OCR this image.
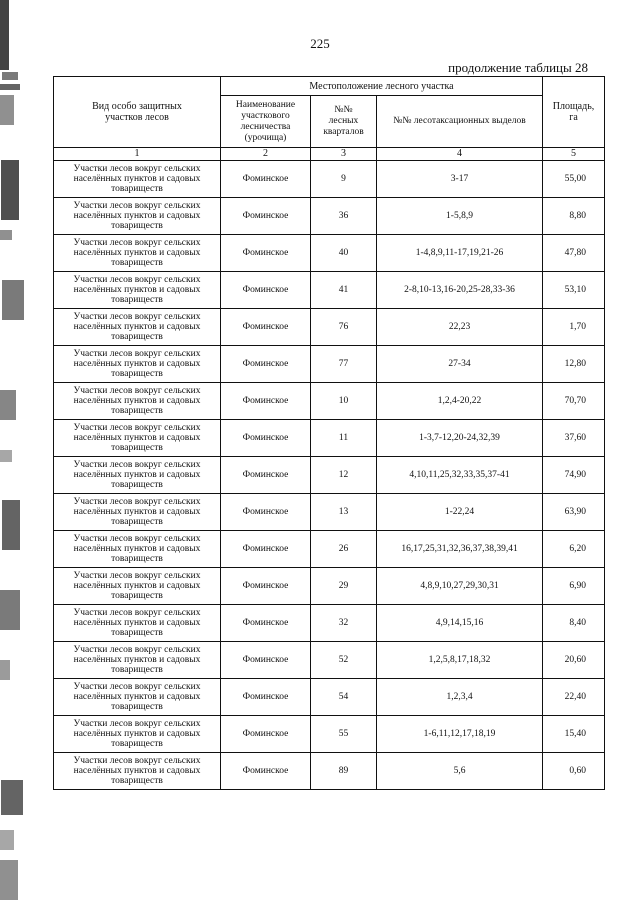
225
продолжение таблицы 28
Вид особо защитных участков лесов	Местоположение лесного участка			Площадь, га
	Наименование участкового лесничества (урочища)	№№ лесных кварталов	№№ лесотаксационных выделов	
1	2	3	4	5
Участки лесов вокруг сельских населённых пунктов и садовых товариществ	Фоминское	9	3-17	55,00
Участки лесов вокруг сельских населённых пунктов и садовых товариществ	Фоминское	36	1-5,8,9	8,80
Участки лесов вокруг сельских населённых пунктов и садовых товариществ	Фоминское	40	1-4,8,9,11-17,19,21-26	47,80
Участки лесов вокруг сельских населённых пунктов и садовых товариществ	Фоминское	41	2-8,10-13,16-20,25-28,33-36	53,10
Участки лесов вокруг сельских населённых пунктов и садовых товариществ	Фоминское	76	22,23	1,70
Участки лесов вокруг сельских населённых пунктов и садовых товариществ	Фоминское	77	27-34	12,80
Участки лесов вокруг сельских населённых пунктов и садовых товариществ	Фоминское	10	1,2,4-20,22	70,70
Участки лесов вокруг сельских населённых пунктов и садовых товариществ	Фоминское	11	1-3,7-12,20-24,32,39	37,60
Участки лесов вокруг сельских населённых пунктов и садовых товариществ	Фоминское	12	4,10,11,25,32,33,35,37-41	74,90
Участки лесов вокруг сельских населённых пунктов и садовых товариществ	Фоминское	13	1-22,24	63,90
Участки лесов вокруг сельских населённых пунктов и садовых товариществ	Фоминское	26	16,17,25,31,32,36,37,38,39,41	6,20
Участки лесов вокруг сельских населённых пунктов и садовых товариществ	Фоминское	29	4,8,9,10,27,29,30,31	6,90
Участки лесов вокруг сельских населённых пунктов и садовых товариществ	Фоминское	32	4,9,14,15,16	8,40
Участки лесов вокруг сельских населённых пунктов и садовых товариществ	Фоминское	52	1,2,5,8,17,18,32	20,60
Участки лесов вокруг сельских населённых пунктов и садовых товариществ	Фоминское	54	1,2,3,4	22,40
Участки лесов вокруг сельских населённых пунктов и садовых товариществ	Фоминское	55	1-6,11,12,17,18,19	15,40
Участки лесов вокруг сельских населённых пунктов и садовых товариществ	Фоминское	89	5,6	0,60
